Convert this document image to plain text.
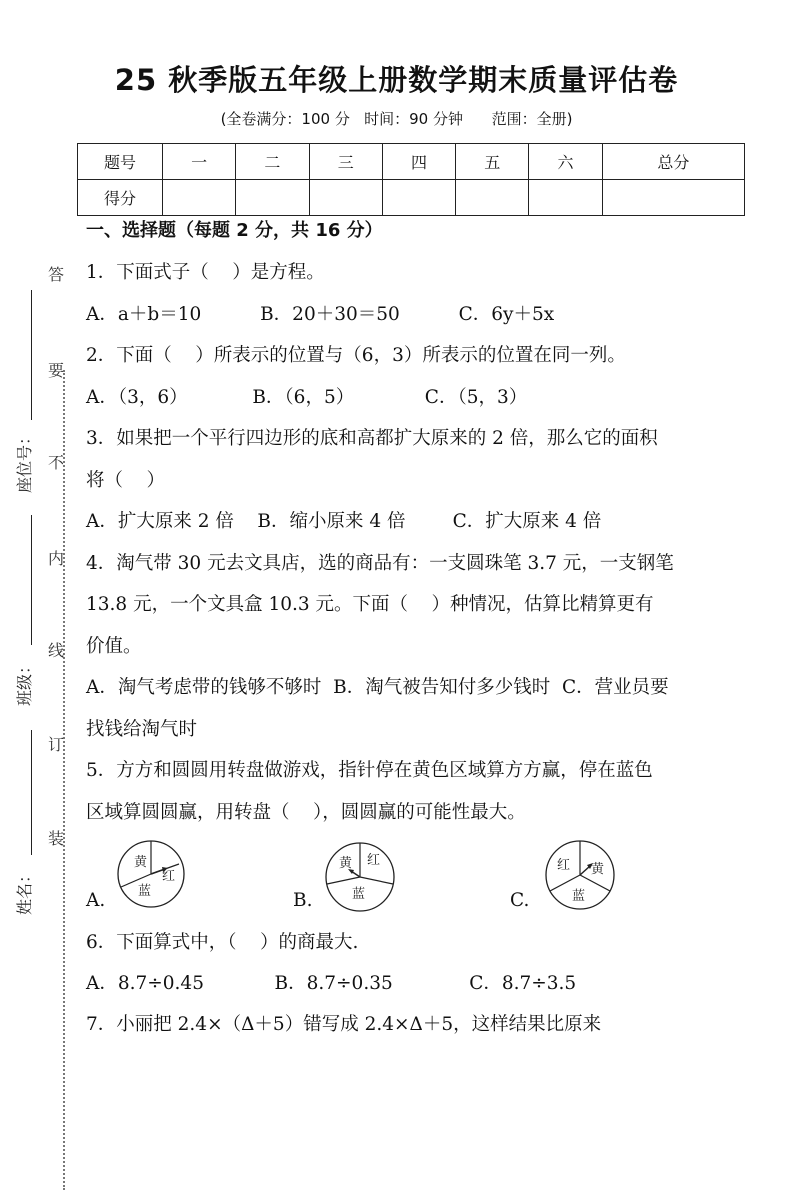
25 秋季版五年级上册数学期末质量评估卷
(全卷满分：100 分   时间：90 分钟      范围：全册)
题号	一	二	三	四	五	六	总分
得分							
答
要
不
内
线
订
装
座位号：
班级：
姓名：
一、选择题（每题 2 分，共 16 分）
1．下面式子（    ）是方程。
A．a＋b＝10          B．20＋30＝50          C．6y＋5x
2．下面（    ）所表示的位置与（6，3）所表示的位置在同一列。
A．（3，6）           B．（6，5）            C．（5，3）
3．如果把一个平行四边形的底和高都扩大原来的 2 倍，那么它的面积
将（    ）
A．扩大原来 2 倍    B．缩小原来 4 倍        C．扩大原来 4 倍
4．淘气带 30 元去文具店，选的商品有：一支圆珠笔 3.7 元，一支钢笔
13.8 元，一个文具盒 10.3 元。下面（    ）种情况，估算比精算更有
价值。
A．淘气考虑带的钱够不够时  B．淘气被告知付多少钱时  C．营业员要
找钱给淘气时
5．方方和圆圆用转盘做游戏，指针停在黄色区域算方方赢，停在蓝色
区域算圆圆赢，用转盘（    ），圆圆赢的可能性最大。
A.
黄
红
蓝	B.
黄 红
蓝	C.
红 黄
蓝
6．下面算式中，（    ）的商最大.
A．8.7÷0.45            B．8.7÷0.35             C．8.7÷3.5
7．小丽把 2.4×（Δ＋5）错写成 2.4×Δ＋5，这样结果比原来
